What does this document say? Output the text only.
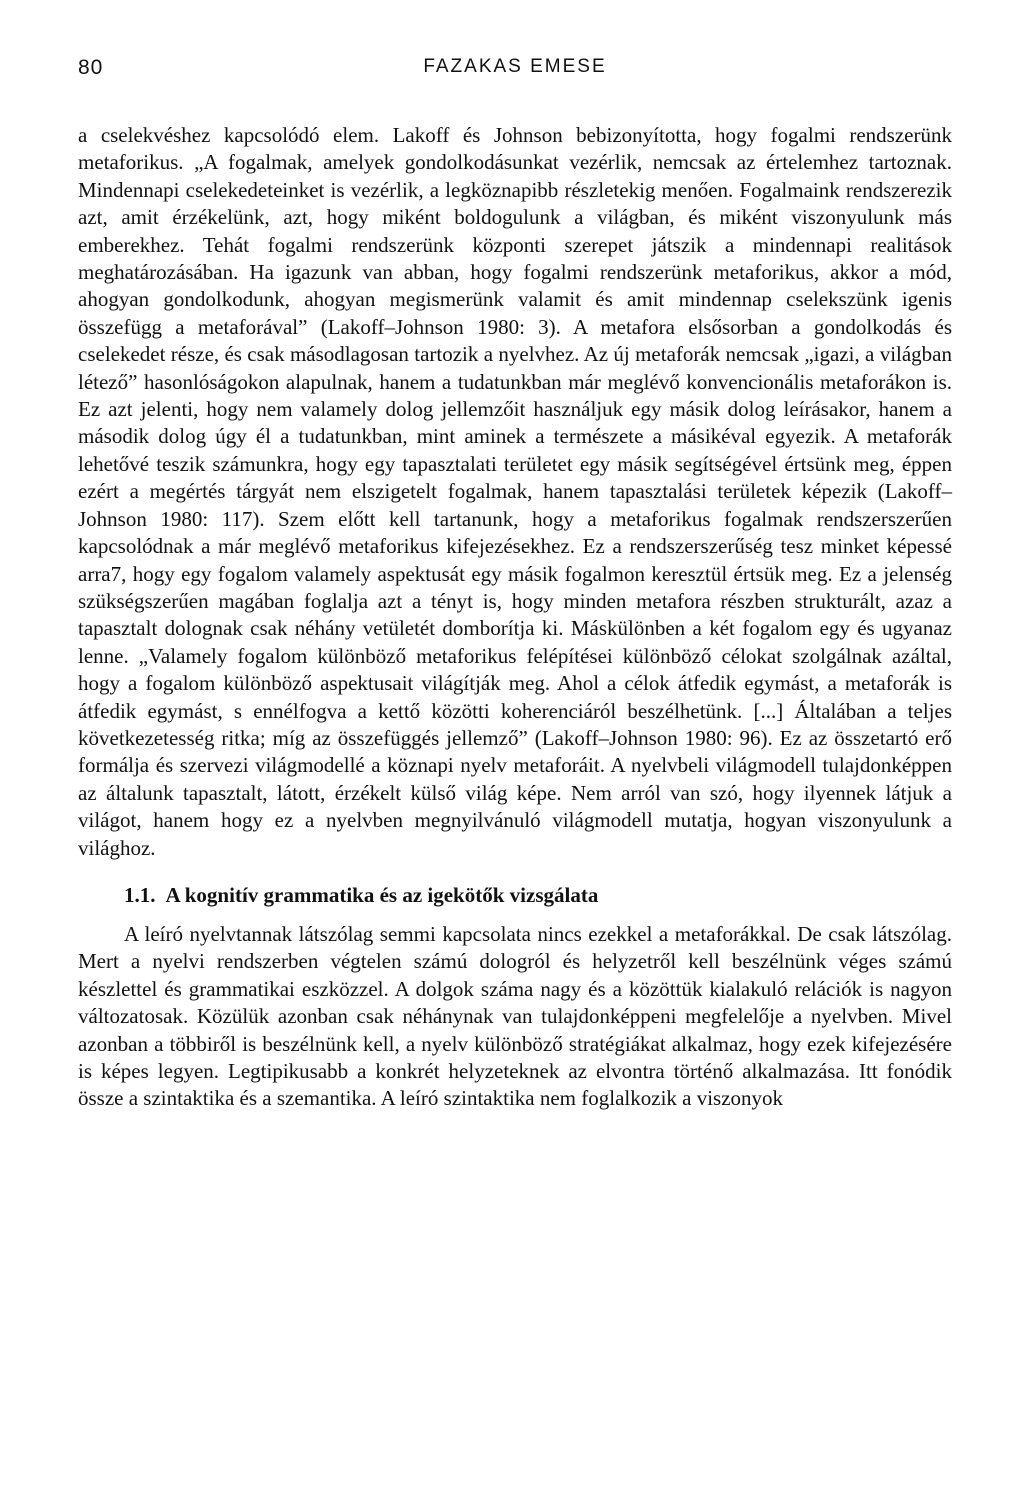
80	FAZAKAS EMESE

a cselekvéshez kapcsolódó elem. Lakoff és Johnson bebizonyította, hogy fogalmi rendszerünk metaforikus. „A fogalmak, amelyek gondolkodásunkat vezérlik, nemcsak az értelemhez tartoznak. Mindennapi cselekedeteinket is vezérlik, a legköznapibb részletekig menően. Fogalmaink rendszerezik azt, amit érzékelünk, azt, hogy miként boldogulunk a világban, és miként viszonyulunk más emberekhez. Tehát fogalmi rendszerünk központi szerepet játszik a mindennapi realitások meghatározásában. Ha igazunk van abban, hogy fogalmi rendszerünk metaforikus, akkor a mód, ahogyan gondolkodunk, ahogyan megismerünk valamit és amit mindennap cselekszünk igenis összefügg a metaforával” (Lakoff–Johnson 1980: 3). A metafora elsősorban a gondolkodás és cselekedet része, és csak másodlagosan tartozik a nyelvhez. Az új metaforák nemcsak „igazi, a világban létező” hasonlóságokon alapulnak, hanem a tudatunkban már meglévő konvencionális metaforákon is. Ez azt jelenti, hogy nem valamely dolog jellemzőit használjuk egy másik dolog leírásakor, hanem a második dolog úgy él a tudatunkban, mint aminek a természete a másikéval egyezik. A metaforák lehetővé teszik számunkra, hogy egy tapasztalati területet egy másik segítségével értsünk meg, éppen ezért a megértés tárgyát nem elszigetelt fogalmak, hanem tapasztalási területek képezik (Lakoff–Johnson 1980: 117). Szem előtt kell tartanunk, hogy a metaforikus fogalmak rendszerszerűen kapcsolódnak a már meglévő metaforikus kifejezésekhez. Ez a rendszerszerűség tesz minket képessé arra7, hogy egy fogalom valamely aspektusát egy másik fogalmon keresztül értsük meg. Ez a jelenség szükségszerűen magában foglalja azt a tényt is, hogy minden metafora részben strukturált, azaz a tapasztalt dolognak csak néhány vetületét domborítja ki. Máskülönben a két fogalom egy és ugyanaz lenne. „Valamely fogalom különböző metaforikus felépítései különböző célokat szolgálnak azáltal, hogy a fogalom különböző aspektusait világítják meg. Ahol a célok átfedik egymást, a metaforák is átfedik egymást, s ennélfogva a kettő közötti koherenciáról beszélhetünk. [...] Általában a teljes következetesség ritka; míg az összefüggés jellemző” (Lakoff–Johnson 1980: 96). Ez az összetartó erő formálja és szervezi világmodellé a köznapi nyelv metaforáit. A nyelvbeli világmodell tulajdonképpen az általunk tapasztalt, látott, érzékelt külső világ képe. Nem arról van szó, hogy ilyennek látjuk a világot, hanem hogy ez a nyelvben megnyilvánuló világmodell mutatja, hogyan viszonyulunk a világhoz.

1.1. A kognitív grammatika és az igekötők vizsgálata

A leíró nyelvtannak látszólag semmi kapcsolata nincs ezekkel a metaforákkal. De csak látszólag. Mert a nyelvi rendszerben végtelen számú dologról és helyzetről kell beszélnünk véges számú készlettel és grammatikai eszközzel. A dolgok száma nagy és a közöttük kialakuló relációk is nagyon változatosak. Közülük azonban csak néhánynak van tulajdonképpeni megfelelője a nyelvben. Mivel azonban a többiről is beszélnünk kell, a nyelv különböző stratégiákat alkalmaz, hogy ezek kifejezésére is képes legyen. Legtipikusabb a konkrét helyzeteknek az elvontra történő alkalmazása. Itt fonódik össze a szintaktika és a szemantika. A leíró szintaktika nem foglalkozik a viszonyok
